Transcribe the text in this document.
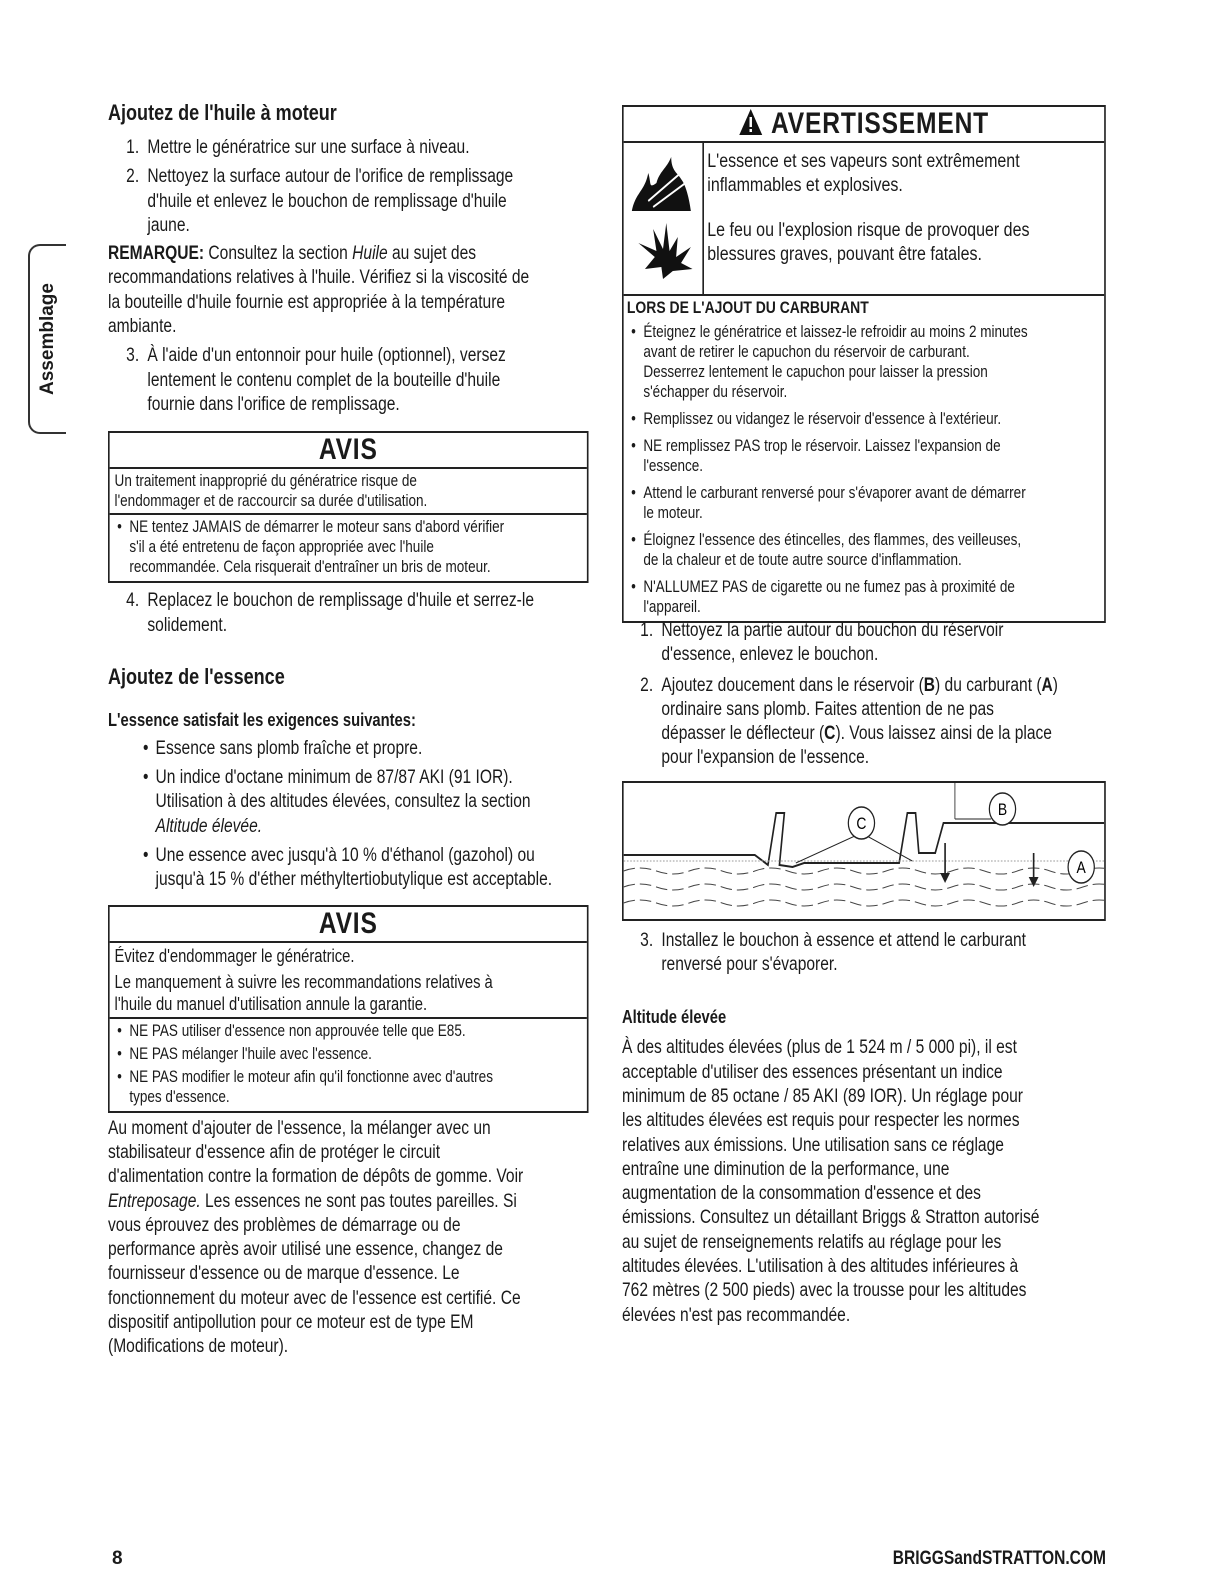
Assemblage

Ajoutez de l'huile à moteur

1. Mettre le génératrice sur une surface à niveau.
2. Nettoyez la surface autour de l'orifice de remplissage
d'huile et enlevez le bouchon de remplissage d'huile
jaune.

REMARQUE: Consultez la section Huile au sujet des
recommandations relatives à l'huile. Vérifiez si la viscosité de
la bouteille d'huile fournie est appropriée à la température
ambiante.

3. À l'aide d'un entonnoir pour huile (optionnel), versez
lentement le contenu complet de la bouteille d'huile
fournie dans l'orifice de remplissage.
AVIS
Un traitement inapproprié du génératrice risque de
l'endommager et de raccourcir sa durée d'utilisation.
• NE tentez JAMAIS de démarrer le moteur sans d'abord vérifier
s'il a été entretenu de façon appropriée avec l'huile
recommandée. Cela risquerait d'entraîner un bris de moteur.
4. Replacez le bouchon de remplissage d'huile et serrez-le
solidement.

Ajoutez de l'essence

L'essence satisfait les exigences suivantes:

• Essence sans plomb fraîche et propre.
• Un indice d'octane minimum de 87/87 AKI (91 IOR).
Utilisation à des altitudes élevées, consultez la section
Altitude élevée.
• Une essence avec jusqu'à 10 % d'éthanol (gazohol) ou
jusqu'à 15 % d'éther méthyltertiobutylique est acceptable.
AVIS
Évitez d'endommager le génératrice.
Le manquement à suivre les recommandations relatives à
l'huile du manuel d'utilisation annule la garantie.
• NE PAS utiliser d'essence non approuvée telle que E85.
• NE PAS mélanger l'huile avec l'essence.
• NE PAS modifier le moteur afin qu'il fonctionne avec d'autres
types d'essence.

Au moment d'ajouter de l'essence, la mélanger avec un
stabilisateur d'essence afin de protéger le circuit
d'alimentation contre la formation de dépôts de gomme. Voir
Entreposage. Les essences ne sont pas toutes pareilles. Si
vous éprouvez des problèmes de démarrage ou de
performance après avoir utilisé une essence, changez de
fournisseur d'essence ou de marque d'essence. Le
fonctionnement du moteur avec de l'essence est certifié. Ce
dispositif antipollution pour ce moteur est de type EM
(Modifications de moteur).

AVERTISSEMENT
L'essence et ses vapeurs sont extrêmement
inflammables et explosives.
Le feu ou l'explosion risque de provoquer des
blessures graves, pouvant être fatales.
LORS DE L'AJOUT DU CARBURANT
• Éteignez le génératrice et laissez-le refroidir au moins 2 minutes
avant de retirer le capuchon du réservoir de carburant.
Desserrez lentement le capuchon pour laisser la pression
s'échapper du réservoir.
• Remplissez ou vidangez le réservoir d'essence à l'extérieur.
• NE remplissez PAS trop le réservoir. Laissez l'expansion de
l'essence.
• Attend le carburant renversé pour s'évaporer avant de démarrer
le moteur.
• Éloignez l'essence des étincelles, des flammes, des veilleuses,
de la chaleur et de toute autre source d'inflammation.
• N'ALLUMEZ PAS de cigarette ou ne fumez pas à proximité de
l'appareil.
1. Nettoyez la partie autour du bouchon du réservoir
d'essence, enlevez le bouchon.
2. Ajoutez doucement dans le réservoir (B) du carburant (A)
ordinaire sans plomb. Faites attention de ne pas
dépasser le déflecteur (C). Vous laissez ainsi de la place
pour l'expansion de l'essence.
C
B
A
3. Installez le bouchon à essence et attend le carburant
renversé pour s'évaporer.

Altitude élevée

À des altitudes élevées (plus de 1 524 m / 5 000 pi), il est
acceptable d'utiliser des essences présentant un indice
minimum de 85 octane / 85 AKI (89 IOR). Un réglage pour
les altitudes élevées est requis pour respecter les normes
relatives aux émissions. Une utilisation sans ce réglage
entraîne une diminution de la performance, une
augmentation de la consommation d'essence et des
émissions. Consultez un détaillant Briggs & Stratton autorisé
au sujet de renseignements relatifs au réglage pour les
altitudes élevées. L'utilisation à des altitudes inférieures à
762 mètres (2 500 pieds) avec la trousse pour les altitudes
élevées n'est pas recommandée.

8	BRIGGSandSTRATTON.COM
